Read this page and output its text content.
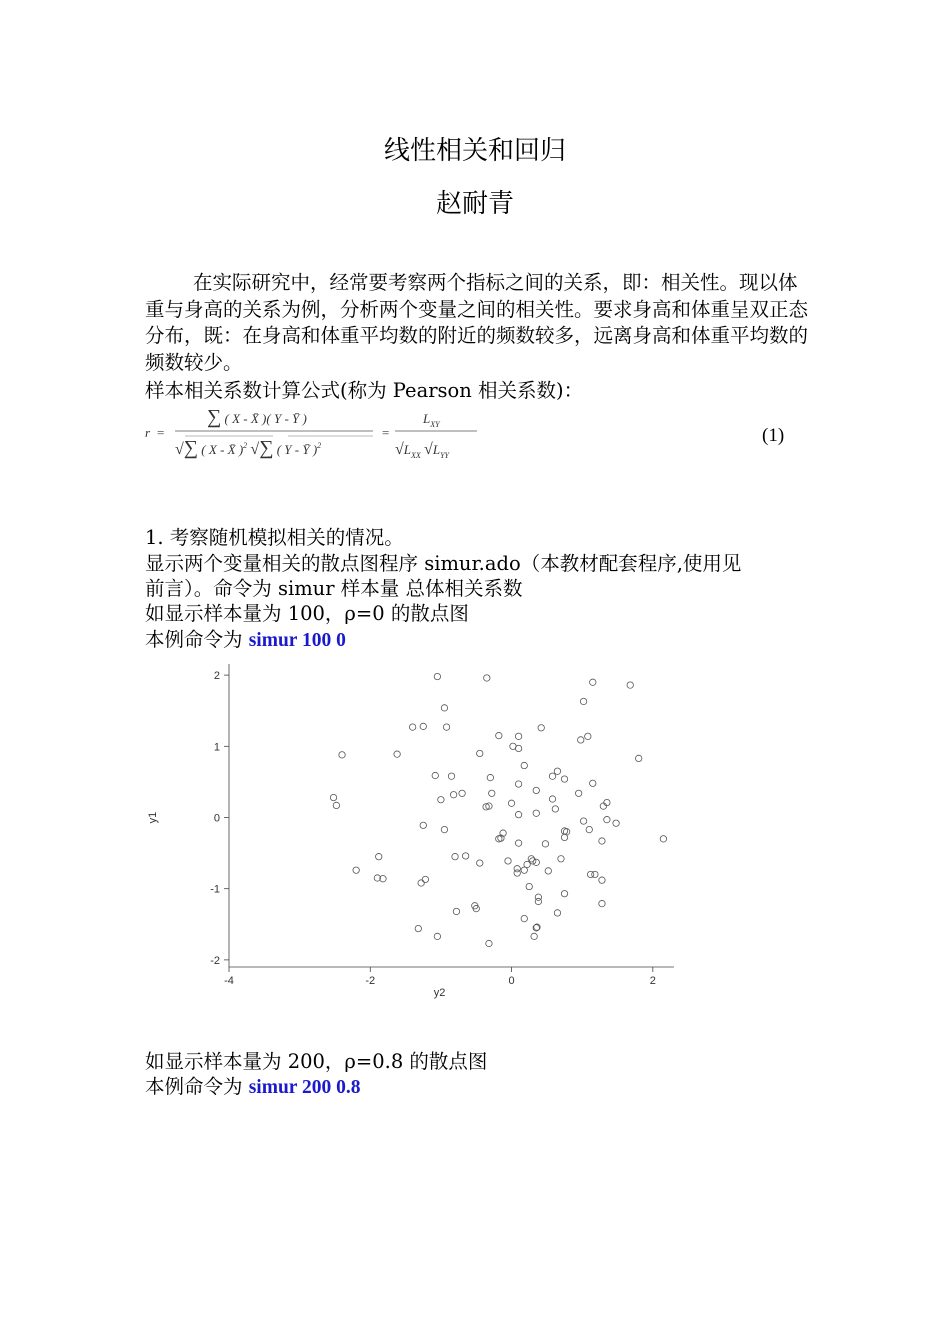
线性相关和回归
赵耐青
在实际研究中，经常要考察两个指标之间的关系，即：相关性。现以体重与身高的关系为例，分析两个变量之间的相关性。要求身高和体重呈双正态分布，既：在身高和体重平均数的附近的频数较多，远离身高和体重平均数的频数较少。
样本相关系数计算公式(称为 Pearson 相关系数)：
r =
∑ ( X - X̄ )( Y - Ȳ )
√∑ ( X - X̄ )$^2$ √∑ ( Y - Ȳ )$^2$
=
$L_{XY}$
$√L_{XX}$ $√L_{YY}$
(1)
1. 考察随机模拟相关的情况。
显示两个变量相关的散点图程序 simur.ado（本教材配套程序,使用见
前言）。命令为 simur 样本量 总体相关系数
如显示样本量为 100，ρ=0 的散点图
本例命令为 simur 100 0
-2
-1
0
1
2
-4	-2	0	2
y2
y1
如显示样本量为 200，ρ=0.8 的散点图
本例命令为 simur 200 0.8
